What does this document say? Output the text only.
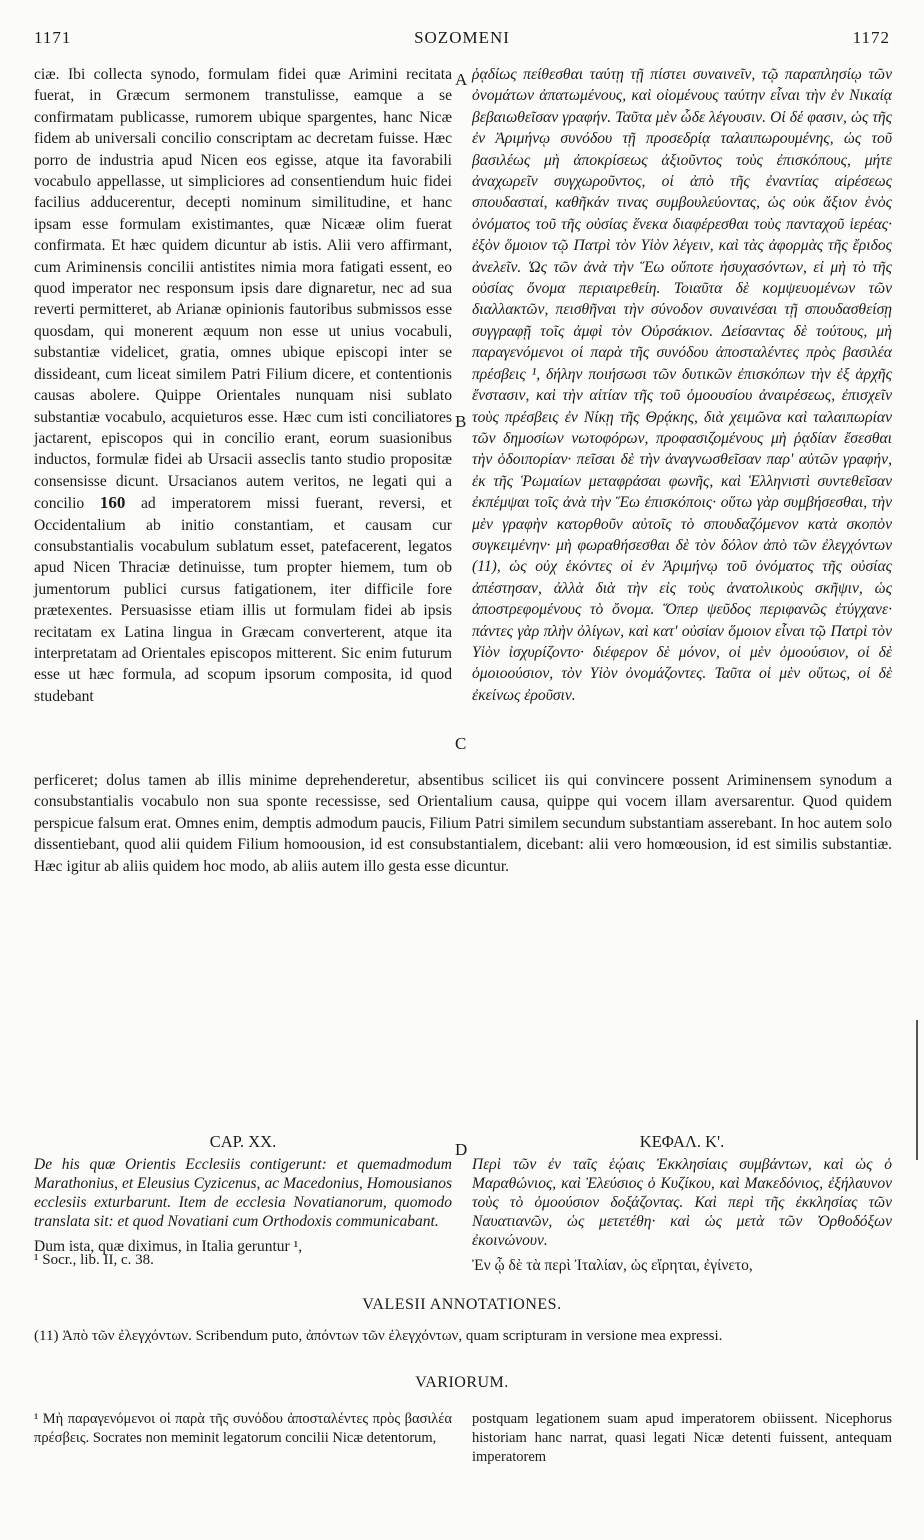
1171	SOZOMENI	1172
ciæ. Ibi collecta synodo, formulam fidei quæ Arimini recitata fuerat, in Græcum sermonem transtulisse, eamque a se confirmatam publicasse, rumorem ubique spargentes, hanc Nicæ fidem ab universali concilio conscriptam ac decretam fuisse. Hæc porro de industria apud Nicen eos egisse, atque ita favorabili vocabulo appellasse, ut simpliciores ad consentiendum huic fidei facilius adducerentur, decepti nominum similitudine, et hanc ipsam esse formulam existimantes, quæ Nicææ olim fuerat confirmata. Et hæc quidem dicuntur ab istis. Alii vero affirmant, cum Ariminensis concilii antistites nimia mora fatigati essent, eo quod imperator nec responsum ipsis dare dignaretur, nec ad sua reverti permitteret, ab Arianæ opinionis fautoribus submissos esse quosdam, qui monerent æquum non esse ut unius vocabuli, substantiæ videlicet, gratia, omnes ubique episcopi inter se dissideant, cum liceat similem Patri Filium dicere, et contentionis causas abolere. Quippe Orientales nunquam nisi sublato substantiæ vocabulo, acquieturos esse. Hæc cum isti conciliatores jactarent, episcopos qui in concilio erant, eorum suasionibus inductos, formulæ fidei ab Ursacii asseclis tanto studio propositæ consensisse dicunt. Ursacianos autem veritos, ne legati qui a concilio 160 ad imperatorem missi fuerant, reversi, et Occidentalium ab initio constantiam, et causam cur consubstantialis vocabulum sublatum esset, patefacerent, legatos apud Nicen Thraciæ detinuisse, tum propter hiemem, tum ob jumentorum publici cursus fatigationem, iter difficile fore prætexentes. Persuasisse etiam illis ut formulam fidei ab ipsis recitatam ex Latina lingua in Græcam converterent, atque ita interpretatam ad Orientales episcopos mitterent. Sic enim futurum esse ut hæc formula, ad scopum ipsorum composita, id quod studebant
A
B
C
ῥᾳδίως πείθεσθαι ταύτῃ τῇ πίστει συναινεῖν, τῷ παραπλησίῳ τῶν ὀνομάτων ἀπατωμένους, καὶ οἰομένους ταύτην εἶναι τὴν ἐν Νικαίᾳ βεβαιωθεῖσαν γραφήν. Ταῦτα μὲν ὧδε λέγουσιν. Οἱ δέ φασιν, ὡς τῆς ἐν Ἀριμήνῳ συνόδου τῇ προσεδρίᾳ ταλαιπωρουμένης, ὡς τοῦ βασιλέως μὴ ἀποκρίσεως ἀξιοῦντος τοὺς ἐπισκόπους, μήτε ἀναχωρεῖν συγχωροῦντος, οἱ ἀπὸ τῆς ἐναντίας αἱρέσεως σπουδασταί, καθῆκάν τινας συμβουλεύοντας, ὡς οὐκ ἄξιον ἑνὸς ὀνόματος τοῦ τῆς οὐσίας ἕνεκα διαφέρεσθαι τοὺς πανταχοῦ ἱερέας· ἐξὸν ὅμοιον τῷ Πατρὶ τὸν Υἱὸν λέγειν, καὶ τὰς ἀφορμὰς τῆς ἔριδος ἀνελεῖν. Ὡς τῶν ἀνὰ τὴν Ἕω οὔποτε ἡσυχασόντων, εἰ μὴ τὸ τῆς οὐσίας ὄνομα περιαιρεθείη. Τοιαῦτα δὲ κομψευομένων τῶν διαλλακτῶν, πεισθῆναι τὴν σύνοδον συναινέσαι τῇ σπουδασθείσῃ συγγραφῇ τοῖς ἀμφὶ τὸν Οὐρσάκιον. Δείσαντας δὲ τούτους, μὴ παραγενόμενοι οἱ παρὰ τῆς συνόδου ἀποσταλέντες πρὸς βασιλέα πρέσβεις ¹, δήλην ποιήσωσι τῶν δυτικῶν ἐπισκόπων τὴν ἐξ ἀρχῆς ἔνστασιν, καὶ τὴν αἰτίαν τῆς τοῦ ὁμοουσίου ἀναιρέσεως, ἐπισχεῖν τοὺς πρέσβεις ἐν Νίκῃ τῆς Θρᾴκης, διὰ χειμῶνα καὶ ταλαιπωρίαν τῶν δημοσίων νωτοφόρων, προφασιζομένους μὴ ῥᾳδίαν ἔσεσθαι τὴν ὁδοιπορίαν· πεῖσαι δὲ τὴν ἀναγνωσθεῖσαν παρ' αὐτῶν γραφήν, ἐκ τῆς Ῥωμαίων μεταφράσαι φωνῆς, καὶ Ἑλληνιστὶ συντεθεῖσαν ἐκπέμψαι τοῖς ἀνὰ τὴν Ἕω ἐπισκόποις· οὕτω γὰρ συμβήσεσθαι, τὴν μὲν γραφὴν κατορθοῦν αὐτοῖς τὸ σπουδαζόμενον κατὰ σκοπὸν συγκειμένην· μὴ φωραθήσεσθαι δὲ τὸν δόλον ἀπὸ τῶν ἐλεγχόντων (11), ὡς οὐχ ἑκόντες οἱ ἐν Ἀριμήνῳ τοῦ ὀνόματος τῆς οὐσίας ἀπέστησαν, ἀλλὰ διὰ τὴν εἰς τοὺς ἀνατολικοὺς σκῆψιν, ὡς ἀποστρεφομένους τὸ ὄνομα. Ὅπερ ψεῦδος περιφανῶς ἐτύγχανε· πάντες γὰρ πλὴν ὀλίγων, καὶ κατ' οὐσίαν ὅμοιον εἶναι τῷ Πατρὶ τὸν Υἱὸν ἰσχυρίζοντο· διέφερον δὲ μόνον, οἱ μὲν ὁμοούσιον, οἱ δὲ ὁμοιοούσιον, τὸν Υἱὸν ὀνομάζοντες. Ταῦτα οἱ μὲν οὕτως, οἱ δὲ ἐκείνως ἐροῦσιν.
perficeret; dolus tamen ab illis minime deprehenderetur, absentibus scilicet iis qui convincere possent Ariminensem synodum a consubstantialis vocabulo non sua sponte recessisse, sed Orientalium causa, quippe qui vocem illam aversarentur. Quod quidem perspicue falsum erat. Omnes enim, demptis admodum paucis, Filium Patri similem secundum substantiam asserebant. In hoc autem solo dissentiebant, quod alii quidem Filium homoousion, id est consubstantialem, dicebant: alii vero homœousion, id est similis substantiæ. Hæc igitur ab aliis quidem hoc modo, ab aliis autem illo gesta esse dicuntur.
D
CAP. XX.
De his quæ Orientis Ecclesiis contigerunt: et quemadmodum Marathonius, et Eleusius Cyzicenus, ac Macedonius, Homousianos ecclesiis exturbarunt. Item de ecclesia Novatianorum, quomodo translata sit: et quod Novatiani cum Orthodoxis communicabant.
Dum ista, quæ diximus, in Italia geruntur ¹,
ΚΕΦΑΛ. Κ'.
Περὶ τῶν ἐν ταῖς ἑῴαις Ἐκκλησίαις συμβάντων, καὶ ὡς ὁ Μαραθώνιος, καὶ Ἐλεύσιος ὁ Κυζίκου, καὶ Μακεδόνιος, ἐξήλαυνον τοὺς τὸ ὁμοούσιον δοξάζοντας. Καὶ περὶ τῆς ἐκκλησίας τῶν Ναυατιανῶν, ὡς μετετέθη· καὶ ὡς μετὰ τῶν Ὀρθοδόξων ἐκοινώνουν.
Ἐν ᾧ δὲ τὰ περὶ Ἰταλίαν, ὡς εἴρηται, ἐγίνετο,
¹ Socr., lib. II, c. 38.
VALESII ANNOTATIONES.
(11) Ἀπὸ τῶν ἐλεγχόντων. Scribendum puto, ἀπόντων τῶν ἐλεγχόντων, quam scripturam in versione mea expressi.
VARIORUM.
¹ Μὴ παραγενόμενοι οἱ παρὰ τῆς συνόδου ἀποσταλέντες πρὸς βασιλέα πρέσβεις. Socrates non meminit legatorum concilii Nicæ detentorum,
postquam legationem suam apud imperatorem obiissent. Nicephorus historiam hanc narrat, quasi legati Nicæ detenti fuissent, antequam imperatorem
